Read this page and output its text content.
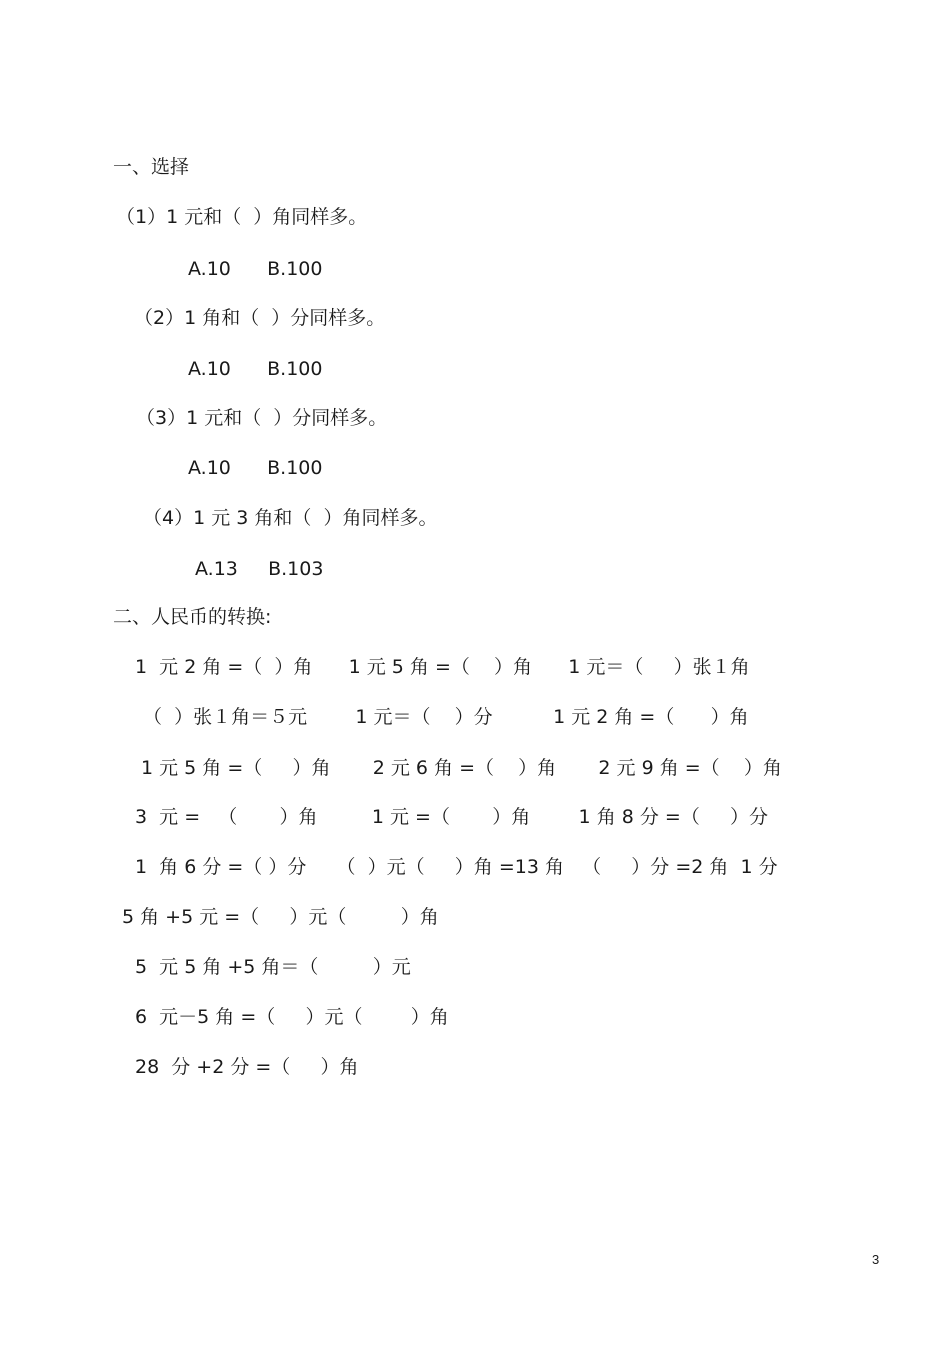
一、选择

（1）1 元和（  ）角同样多。

A.10      B.100

（2）1 角和（  ）分同样多。

A.10      B.100

（3）1 元和（  ）分同样多。

A.10      B.100

（4）1 元 3 角和（  ）角同样多。

A.13     B.103

二、人民币的转换:

1  元 2 角 =（  ）角      1 元 5 角 =（    ）角      1 元＝（     ）张１角

（  ）张１角＝５元        1 元＝（    ）分          1 元 2 角 =（      ）角

1 元 5 角 =（     ）角       2 元 6 角 =（    ）角       2 元 9 角 =（    ）角

3  元 =   （       ）角         1 元 =（       ）角        1 角 8 分 =（     ）分

1  角 6 分 =（ ）分     （  ）元（     ）角 =13 角   （     ）分 =2 角  1 分

5 角 +5 元 =（     ）元（         ）角

5  元 5 角 +5 角＝（         ）元

6  元－5 角 =（     ）元（        ）角

28  分 +2 分 =（     ）角

3
